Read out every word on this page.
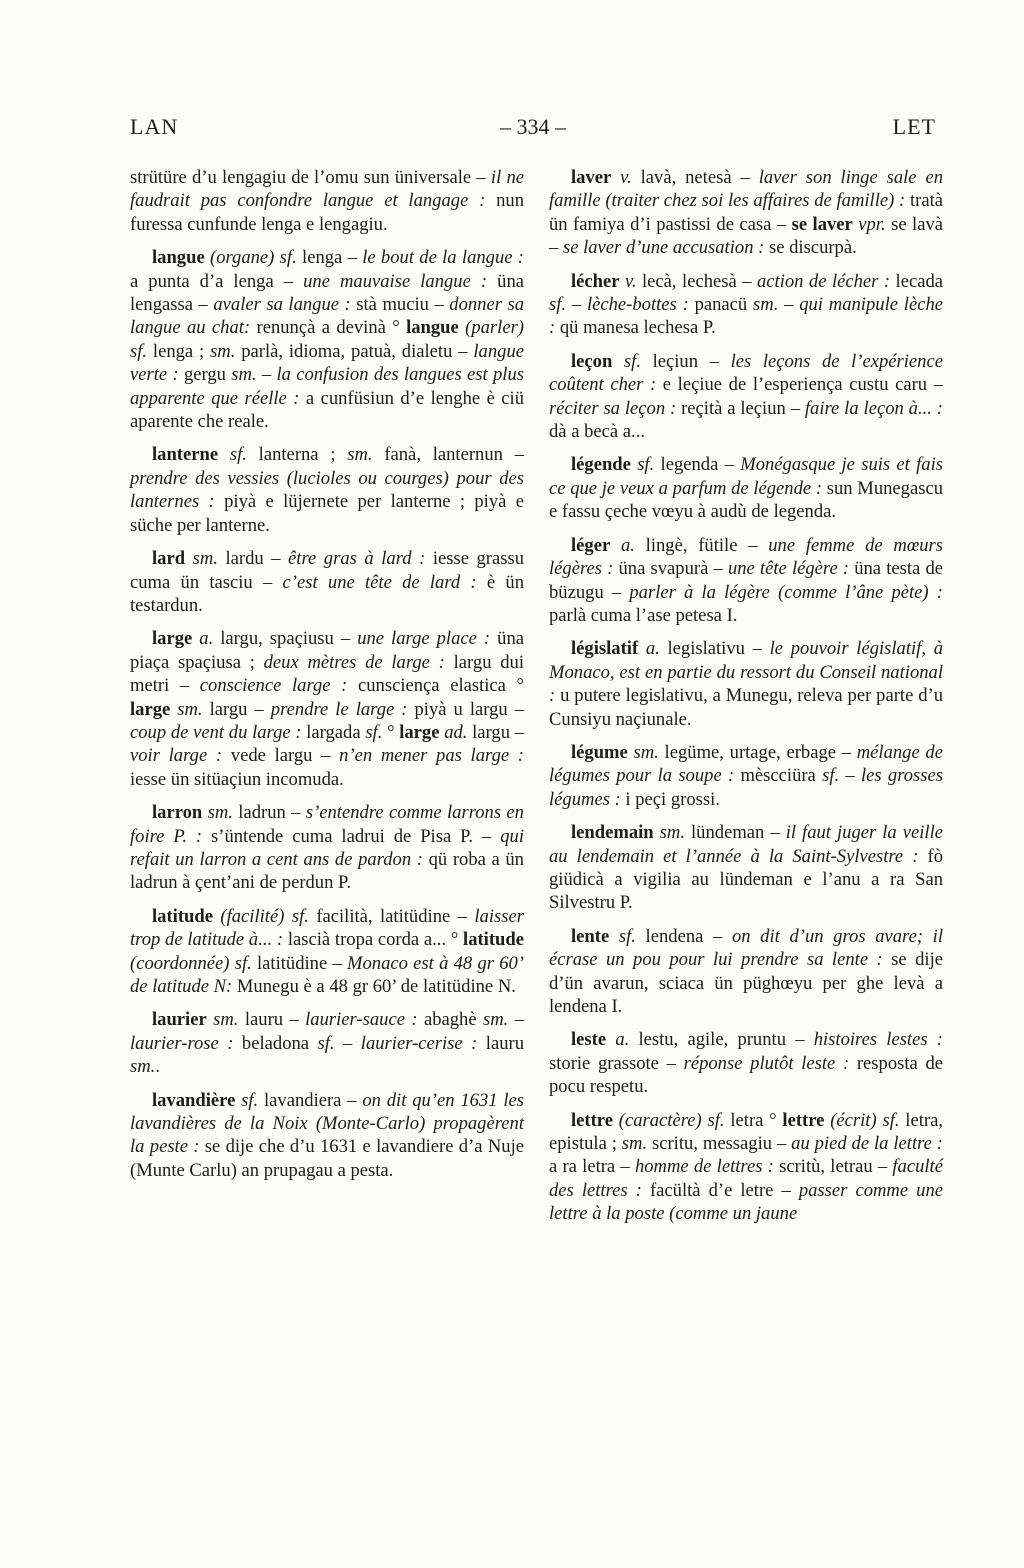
LAN	– 334 –	LET

strütüre d’u lengagiu de l’omu sun üniversale – il ne faudrait pas confondre langue et langage : nun furessa cunfunde lenga e lengagiu.

langue (organe) sf. lenga – le bout de la langue : a punta d’a lenga – une mauvaise langue : üna lengassa – avaler sa langue : stà muciu – donner sa langue au chat: renunçà a devinà ° langue (parler) sf. lenga ; sm. parlà, idioma, patuà, dialetu – langue verte : gergu sm. – la confusion des langues est plus apparente que réelle : a cunfüsiun d’e lenghe è ciü aparente che reale.

lanterne sf. lanterna ; sm. fanà, lanternun – prendre des vessies (lucioles ou courges) pour des lanternes : piyà e lüjernete per lanterne ; piyà e süche per lanterne.

lard sm. lardu – être gras à lard : iesse grassu cuma ün tasciu – c’est une tête de lard : è ün testardun.

large a. largu, spaçiusu – une large place : üna piaça spaçiusa ; deux mètres de large : largu dui metri – conscience large : cunsciença elastica ° large sm. largu – prendre le large : piyà u largu – coup de vent du large : largada sf. ° large ad. largu – voir large : vede largu – n’en mener pas large : iesse ün sitüaçiun incomuda.

larron sm. ladrun – s’entendre comme larrons en foire P. : s’üntende cuma ladrui de Pisa P. – qui refait un larron a cent ans de pardon : qü roba a ün ladrun à çent’ani de perdun P.

latitude (facilité) sf. facilità, latitüdine – laisser trop de latitude à... : lascià tropa corda a... ° latitude (coordonnée) sf. latitüdine – Monaco est à 48 gr 60’ de latitude N: Munegu è a 48 gr 60’ de latitüdine N.

laurier sm. lauru – laurier-sauce : abaghè sm. – laurier-rose : beladona sf. – laurier-cerise : lauru sm..

lavandière sf. lavandiera – on dit qu’en 1631 les lavandières de la Noix (Monte-Carlo) propagèrent la peste : se dije che d’u 1631 e lavandiere d’a Nuje (Munte Carlu) an prupagau a pesta.

laver v. lavà, netesà – laver son linge sale en famille (traiter chez soi les affaires de famille) : tratà ün famiya d’i pastissi de casa – se laver vpr. se lavà – se laver d’une accusation : se discurpà.

lécher v. lecà, lechesà – action de lécher : lecada sf. – lèche-bottes : panacü sm. – qui manipule lèche : qü manesa lechesa P.

leçon sf. leçiun – les leçons de l’expérience coûtent cher : e leçiue de l’esperiença custu caru – réciter sa leçon : reçità a leçiun – faire la leçon à... : dà a becà a...

légende sf. legenda – Monégasque je suis et fais ce que je veux a parfum de légende : sun Munegascu e fassu çeche vœyu à audù de legenda.

léger a. lingè, fütile – une femme de mœurs légères : üna svapurà – une tête légère : üna testa de büzugu – parler à la légère (comme l’âne pète) : parlà cuma l’ase petesa I.

législatif a. legislativu – le pouvoir législatif, à Monaco, est en partie du ressort du Conseil national : u putere legislativu, a Munegu, releva per parte d’u Cunsiyu naçiunale.

légume sm. legüme, urtage, erbage – mélange de légumes pour la soupe : mèscciüra sf. – les grosses légumes : i peçi grossi.

lendemain sm. lündeman – il faut juger la veille au lendemain et l’année à la Saint-Sylvestre : fò giüdicà a vigilia au lündeman e l’anu a ra San Silvestru P.

lente sf. lendena – on dit d’un gros avare; il écrase un pou pour lui prendre sa lente : se dije d’ün avarun, sciaca ün püghœyu per ghe levà a lendena I.

leste a. lestu, agile, pruntu – histoires lestes : storie grassote – réponse plutôt leste : resposta de pocu respetu.

lettre (caractère) sf. letra ° lettre (écrit) sf. letra, epistula ; sm. scritu, messagiu – au pied de la lettre : a ra letra – homme de lettres : scritù, letrau – faculté des lettres : facültà d’e letre – passer comme une lettre à la poste (comme un jaune
